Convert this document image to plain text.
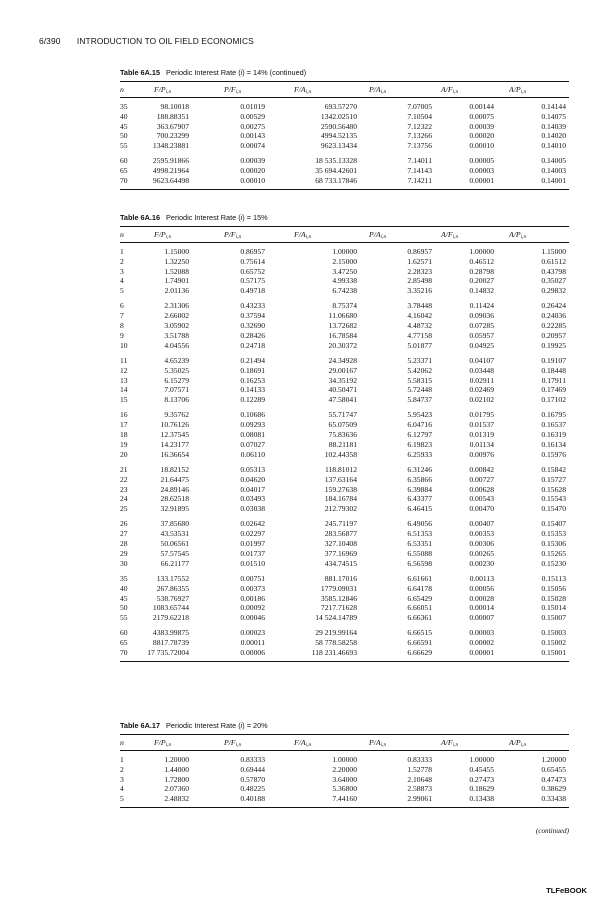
6/390 INTRODUCTION TO OIL FIELD ECONOMICS
Table 6A.15 Periodic Interest Rate (i) = 14% (continued)
n	$F/P_{i,n}$	$P/F_{i,n}$	$F/A_{i,n}$	$P/A_{i,n}$	$A/F_{i,n}$	$A/P_{i,n}$
35	98.10018	0.01019	693.57270	7.07005	0.00144	0.14144
40	188.88351	0.00529	1342.02510	7.10504	0.00075	0.14075
45	363.67907	0.00275	2590.56480	7.12322	0.00039	0.14039
50	700.23299	0.00143	4994.52135	7.13266	0.00020	0.14020
55	1348.23881	0.00074	9623.13434	7.13756	0.00010	0.14010
60	2595.91866	0.00039	18 535.13328	7.14011	0.00005	0.14005
65	4998.21964	0.00020	35 694.42601	7.14143	0.00003	0.14003
70	9623.64498	0.00010	68 733.17846	7.14211	0.00001	0.14001
Table 6A.16 Periodic Interest Rate (i) = 15%
n	$F/P_{i,n}$	$P/F_{i,n}$	$F/A_{i,n}$	$P/A_{i,n}$	$A/F_{i,n}$	$A/P_{i,n}$
1	1.15000	0.86957	1.00000	0.86957	1.00000	1.15000
2	1.32250	0.75614	2.15000	1.62571	0.46512	0.61512
3	1.52088	0.65752	3.47250	2.28323	0.28798	0.43798
4	1.74901	0.57175	4.99338	2.85498	0.20027	0.35027
5	2.01136	0.49718	6.74238	3.35216	0.14832	0.29832
6	2.31306	0.43233	8.75374	3.78448	0.11424	0.26424
7	2.66002	0.37594	11.06680	4.16042	0.09036	0.24036
8	3.05902	0.32690	13.72682	4.48732	0.07285	0.22285
9	3.51788	0.28426	16.78584	4.77158	0.05957	0.20957
10	4.04556	0.24718	20.30372	5.01877	0.04925	0.19925
11	4.65239	0.21494	24.34928	5.23371	0.04107	0.19107
12	5.35025	0.18691	29.00167	5.42062	0.03448	0.18448
13	6.15279	0.16253	34.35192	5.58315	0.02911	0.17911
14	7.07571	0.14133	40.50471	5.72448	0.02469	0.17469
15	8.13706	0.12289	47.58041	5.84737	0.02102	0.17102
16	9.35762	0.10686	55.71747	5.95423	0.01795	0.16795
17	10.76126	0.09293	65.07509	6.04716	0.01537	0.16537
18	12.37545	0.08081	75.83636	6.12797	0.01319	0.16319
19	14.23177	0.07027	88.21181	6.19823	0.01134	0.16134
20	16.36654	0.06110	102.44358	6.25933	0.00976	0.15976
21	18.82152	0.05313	118.81012	6.31246	0.00842	0.15842
22	21.64475	0.04620	137.63164	6.35866	0.00727	0.15727
23	24.89146	0.04017	159.27638	6.39884	0.00628	0.15628
24	28.62518	0.03493	184.16784	6.43377	0.00543	0.15543
25	32.91895	0.03038	212.79302	6.46415	0.00470	0.15470
26	37.85680	0.02642	245.71197	6.49056	0.00407	0.15407
27	43.53531	0.02297	283.56877	6.51353	0.00353	0.15353
28	50.06561	0.01997	327.10408	6.53351	0.00306	0.15306
29	57.57545	0.01737	377.16969	6.55088	0.00265	0.15265
30	66.21177	0.01510	434.74515	6.56598	0.00230	0.15230
35	133.17552	0.00751	881.17016	6.61661	0.00113	0.15113
40	267.86355	0.00373	1779.09031	6.64178	0.00056	0.15056
45	538.76927	0.00186	3585.12846	6.65429	0.00028	0.15028
50	1083.65744	0.00092	7217.71628	6.66051	0.00014	0.15014
55	2179.62218	0.00046	14 524.14789	6.66361	0.00007	0.15007
60	4383.99875	0.00023	29 219.99164	6.66515	0.00003	0.15003
65	8817.78739	0.00011	58 778.58258	6.66591	0.00002	0.15002
70	17 735.72004	0.00006	118 231.46693	6.66629	0.00001	0.15001
Table 6A.17 Periodic Interest Rate (i) = 20%
n	$F/P_{i,n}$	$P/F_{i,n}$	$F/A_{i,n}$	$P/A_{i,n}$	$A/F_{i,n}$	$A/P_{i,n}$
1	1.20000	0.83333	1.00000	0.83333	1.00000	1.20000
2	1.44000	0.69444	2.20000	1.52778	0.45455	0.65455
3	1.72800	0.57870	3.64000	2.10648	0.27473	0.47473
4	2.07360	0.48225	5.36800	2.58873	0.18629	0.38629
5	2.48832	0.40188	7.44160	2.99061	0.13438	0.33438
(continued)
TLFeBOOK
